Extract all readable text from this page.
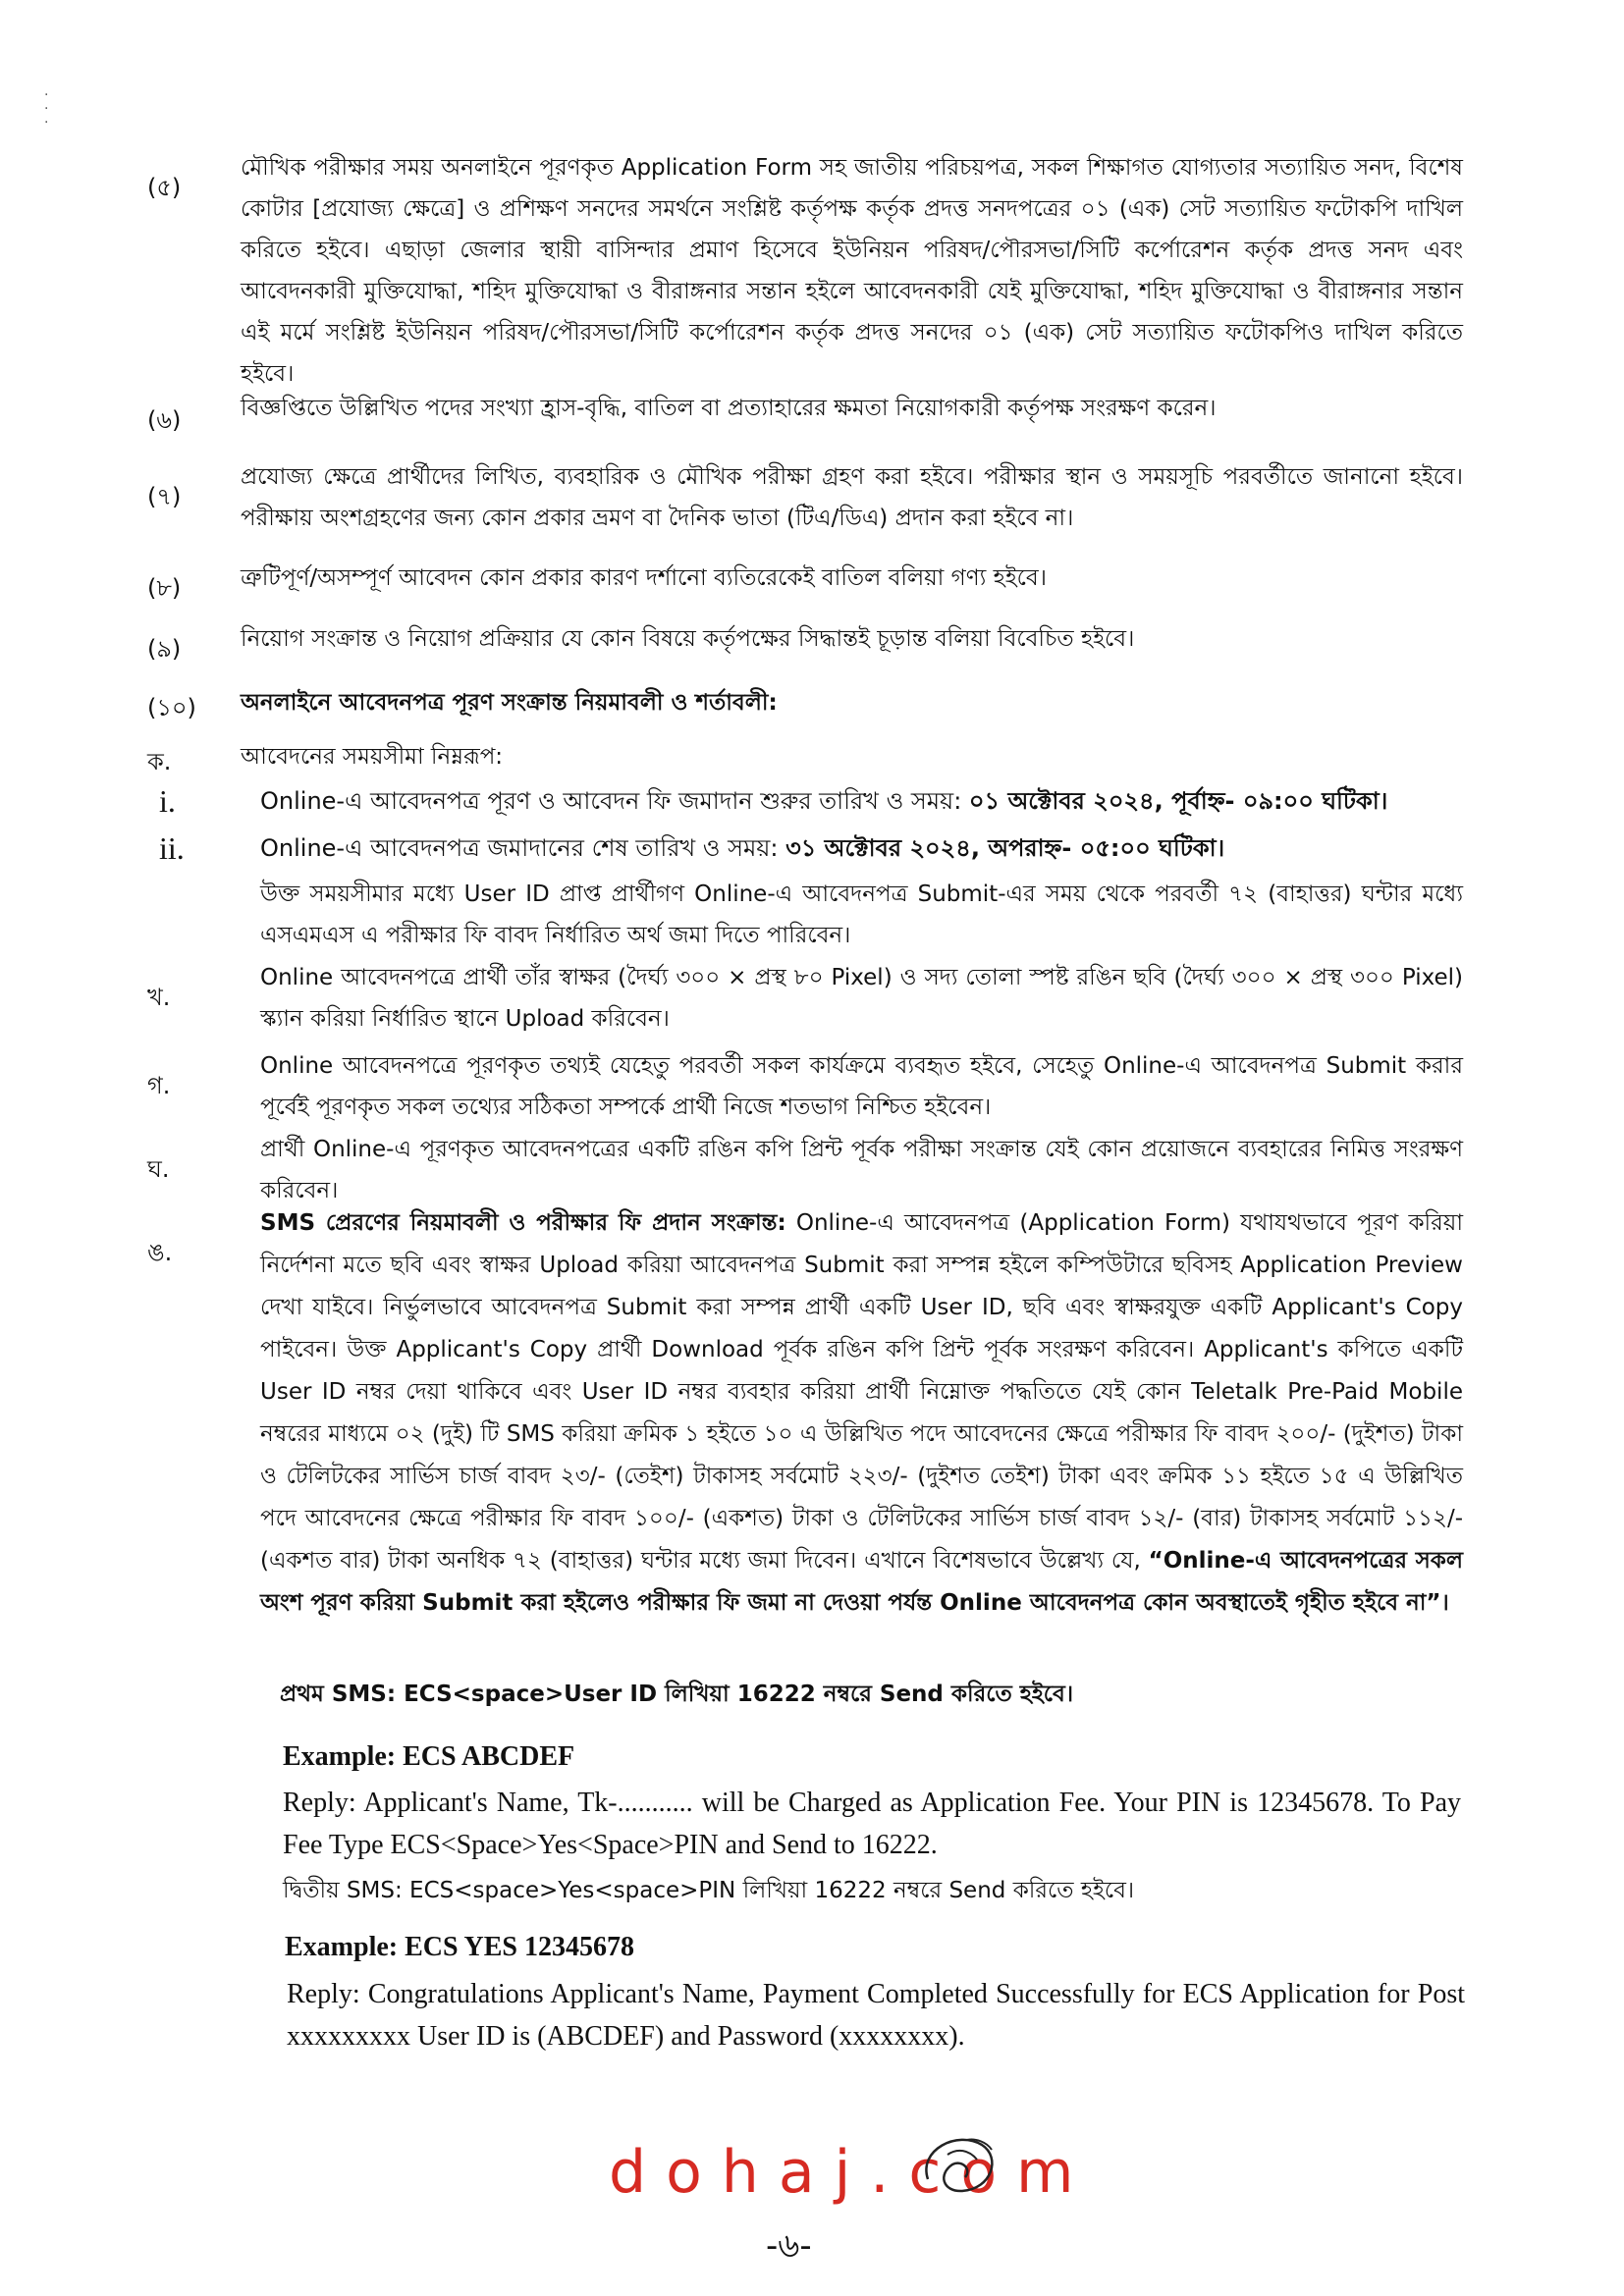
·
·
·
(৫)
মৌখিক পরীক্ষার সময় অনলাইনে পূরণকৃত Application Form সহ জাতীয় পরিচয়পত্র, সকল শিক্ষাগত যোগ্যতার সত্যায়িত সনদ, বিশেষ কোটার [প্রযোজ্য ক্ষেত্রে] ও প্রশিক্ষণ সনদের সমর্থনে সংশ্লিষ্ট কর্তৃপক্ষ কর্তৃক প্রদত্ত সনদপত্রের ০১ (এক) সেট সত্যায়িত ফটোকপি দাখিল করিতে হইবে। এছাড়া জেলার স্থায়ী বাসিন্দার প্রমাণ হিসেবে ইউনিয়ন পরিষদ/পৌরসভা/সিটি কর্পোরেশন কর্তৃক প্রদত্ত সনদ এবং আবেদনকারী মুক্তিযোদ্ধা, শহিদ মুক্তিযোদ্ধা ও বীরাঙ্গনার সন্তান হইলে আবেদনকারী যেই মুক্তিযোদ্ধা, শহিদ মুক্তিযোদ্ধা ও বীরাঙ্গনার সন্তান এই মর্মে সংশ্লিষ্ট ইউনিয়ন পরিষদ/পৌরসভা/সিটি কর্পোরেশন কর্তৃক প্রদত্ত সনদের ০১ (এক) সেট সত্যায়িত ফটোকপিও দাখিল করিতে হইবে।
(৬)	বিজ্ঞপ্তিতে উল্লিখিত পদের সংখ্যা হ্রাস-বৃদ্ধি, বাতিল বা প্রত্যাহারের ক্ষমতা নিয়োগকারী কর্তৃপক্ষ সংরক্ষণ করেন।
(৭)
প্রযোজ্য ক্ষেত্রে প্রার্থীদের লিখিত, ব্যবহারিক ও মৌখিক পরীক্ষা গ্রহণ করা হইবে। পরীক্ষার স্থান ও সময়সূচি পরবর্তীতে জানানো হইবে। পরীক্ষায় অংশগ্রহণের জন্য কোন প্রকার ভ্রমণ বা দৈনিক ভাতা (টিএ/ডিএ) প্রদান করা হইবে না।
(৮)	ত্রুটিপূর্ণ/অসম্পূর্ণ আবেদন কোন প্রকার কারণ দর্শানো ব্যতিরেকেই বাতিল বলিয়া গণ্য হইবে।
(৯)	নিয়োগ সংক্রান্ত ও নিয়োগ প্রক্রিয়ার যে কোন বিষয়ে কর্তৃপক্ষের সিদ্ধান্তই চূড়ান্ত বলিয়া বিবেচিত হইবে।
(১০)	অনলাইনে আবেদনপত্র পূরণ সংক্রান্ত নিয়মাবলী ও শর্তাবলী:
ক.	আবেদনের সময়সীমা নিম্নরূপ:
i.	Online-এ আবেদনপত্র পূরণ ও আবেদন ফি জমাদান শুরুর তারিখ ও সময়: ০১ অক্টোবর ২০২৪, পূর্বাহ্ন- ০৯:০০ ঘটিকা।
ii.	Online-এ আবেদনপত্র জমাদানের শেষ তারিখ ও সময়: ৩১ অক্টোবর ২০২৪, অপরাহ্ন- ০৫:০০ ঘটিকা।
উক্ত সময়সীমার মধ্যে User ID প্রাপ্ত প্রার্থীগণ Online-এ আবেদনপত্র Submit-এর সময় থেকে পরবর্তী ৭২ (বাহাত্তর) ঘন্টার মধ্যে এসএমএস এ পরীক্ষার ফি বাবদ নির্ধারিত অর্থ জমা দিতে পারিবেন।
খ.
Online আবেদনপত্রে প্রার্থী তাঁর স্বাক্ষর (দৈর্ঘ্য ৩০০ × প্রস্থ ৮০ Pixel) ও সদ্য তোলা স্পষ্ট রঙিন ছবি (দৈর্ঘ্য ৩০০ × প্রস্থ ৩০০ Pixel) স্ক্যান করিয়া নির্ধারিত স্থানে Upload করিবেন।
গ.
Online আবেদনপত্রে পূরণকৃত তথ্যই যেহেতু পরবর্তী সকল কার্যক্রমে ব্যবহৃত হইবে, সেহেতু Online-এ আবেদনপত্র Submit করার পূর্বেই পূরণকৃত সকল তথ্যের সঠিকতা সম্পর্কে প্রার্থী নিজে শতভাগ নিশ্চিত হইবেন।
ঘ.
প্রার্থী Online-এ পূরণকৃত আবেদনপত্রের একটি রঙিন কপি প্রিন্ট পূর্বক পরীক্ষা সংক্রান্ত যেই কোন প্রয়োজনে ব্যবহারের নিমিত্ত সংরক্ষণ করিবেন।
ঙ.
SMS প্রেরণের নিয়মাবলী ও পরীক্ষার ফি প্রদান সংক্রান্ত: Online-এ আবেদনপত্র (Application Form) যথাযথভাবে পূরণ করিয়া নির্দেশনা মতে ছবি এবং স্বাক্ষর Upload করিয়া আবেদনপত্র Submit করা সম্পন্ন হইলে কম্পিউটারে ছবিসহ Application Preview দেখা যাইবে। নির্ভুলভাবে আবেদনপত্র Submit করা সম্পন্ন প্রার্থী একটি User ID, ছবি এবং স্বাক্ষরযুক্ত একটি Applicant's Copy পাইবেন। উক্ত Applicant's Copy প্রার্থী Download পূর্বক রঙিন কপি প্রিন্ট পূর্বক সংরক্ষণ করিবেন। Applicant's কপিতে একটি User ID নম্বর দেয়া থাকিবে এবং User ID নম্বর ব্যবহার করিয়া প্রার্থী নিম্নোক্ত পদ্ধতিতে যেই কোন Teletalk Pre-Paid Mobile নম্বরের মাধ্যমে ০২ (দুই) টি SMS করিয়া ক্রমিক ১ হইতে ১০ এ উল্লিখিত পদে আবেদনের ক্ষেত্রে পরীক্ষার ফি বাবদ ২০০/- (দুইশত) টাকা ও টেলিটকের সার্ভিস চার্জ বাবদ ২৩/- (তেইশ) টাকাসহ সর্বমোট ২২৩/- (দুইশত তেইশ) টাকা এবং ক্রমিক ১১ হইতে ১৫ এ উল্লিখিত পদে আবেদনের ক্ষেত্রে পরীক্ষার ফি বাবদ ১০০/- (একশত) টাকা ও টেলিটকের সার্ভিস চার্জ বাবদ ১২/- (বার) টাকাসহ সর্বমোট ১১২/- (একশত বার) টাকা অনধিক ৭২ (বাহাত্তর) ঘন্টার মধ্যে জমা দিবেন। এখানে বিশেষভাবে উল্লেখ্য যে, “Online-এ আবেদনপত্রের সকল অংশ পূরণ করিয়া Submit করা হইলেও পরীক্ষার ফি জমা না দেওয়া পর্যন্ত Online আবেদনপত্র কোন অবস্থাতেই গৃহীত হইবে না”।
প্রথম SMS: ECS<space>User ID লিখিয়া 16222 নম্বরে Send করিতে হইবে।
Example: ECS ABCDEF
Reply: Applicant's Name, Tk-........... will be Charged as Application Fee. Your PIN is 12345678. To Pay Fee Type ECS<Space>Yes<Space>PIN and Send to 16222.
দ্বিতীয় SMS: ECS<space>Yes<space>PIN লিখিয়া 16222 নম্বরে Send করিতে হইবে।
Example: ECS YES 12345678
Reply: Congratulations Applicant's Name, Payment Completed Successfully for ECS Application for Post xxxxxxxxx User ID is (ABCDEF) and Password (xxxxxxxx).
dohaj.com
-৬-
